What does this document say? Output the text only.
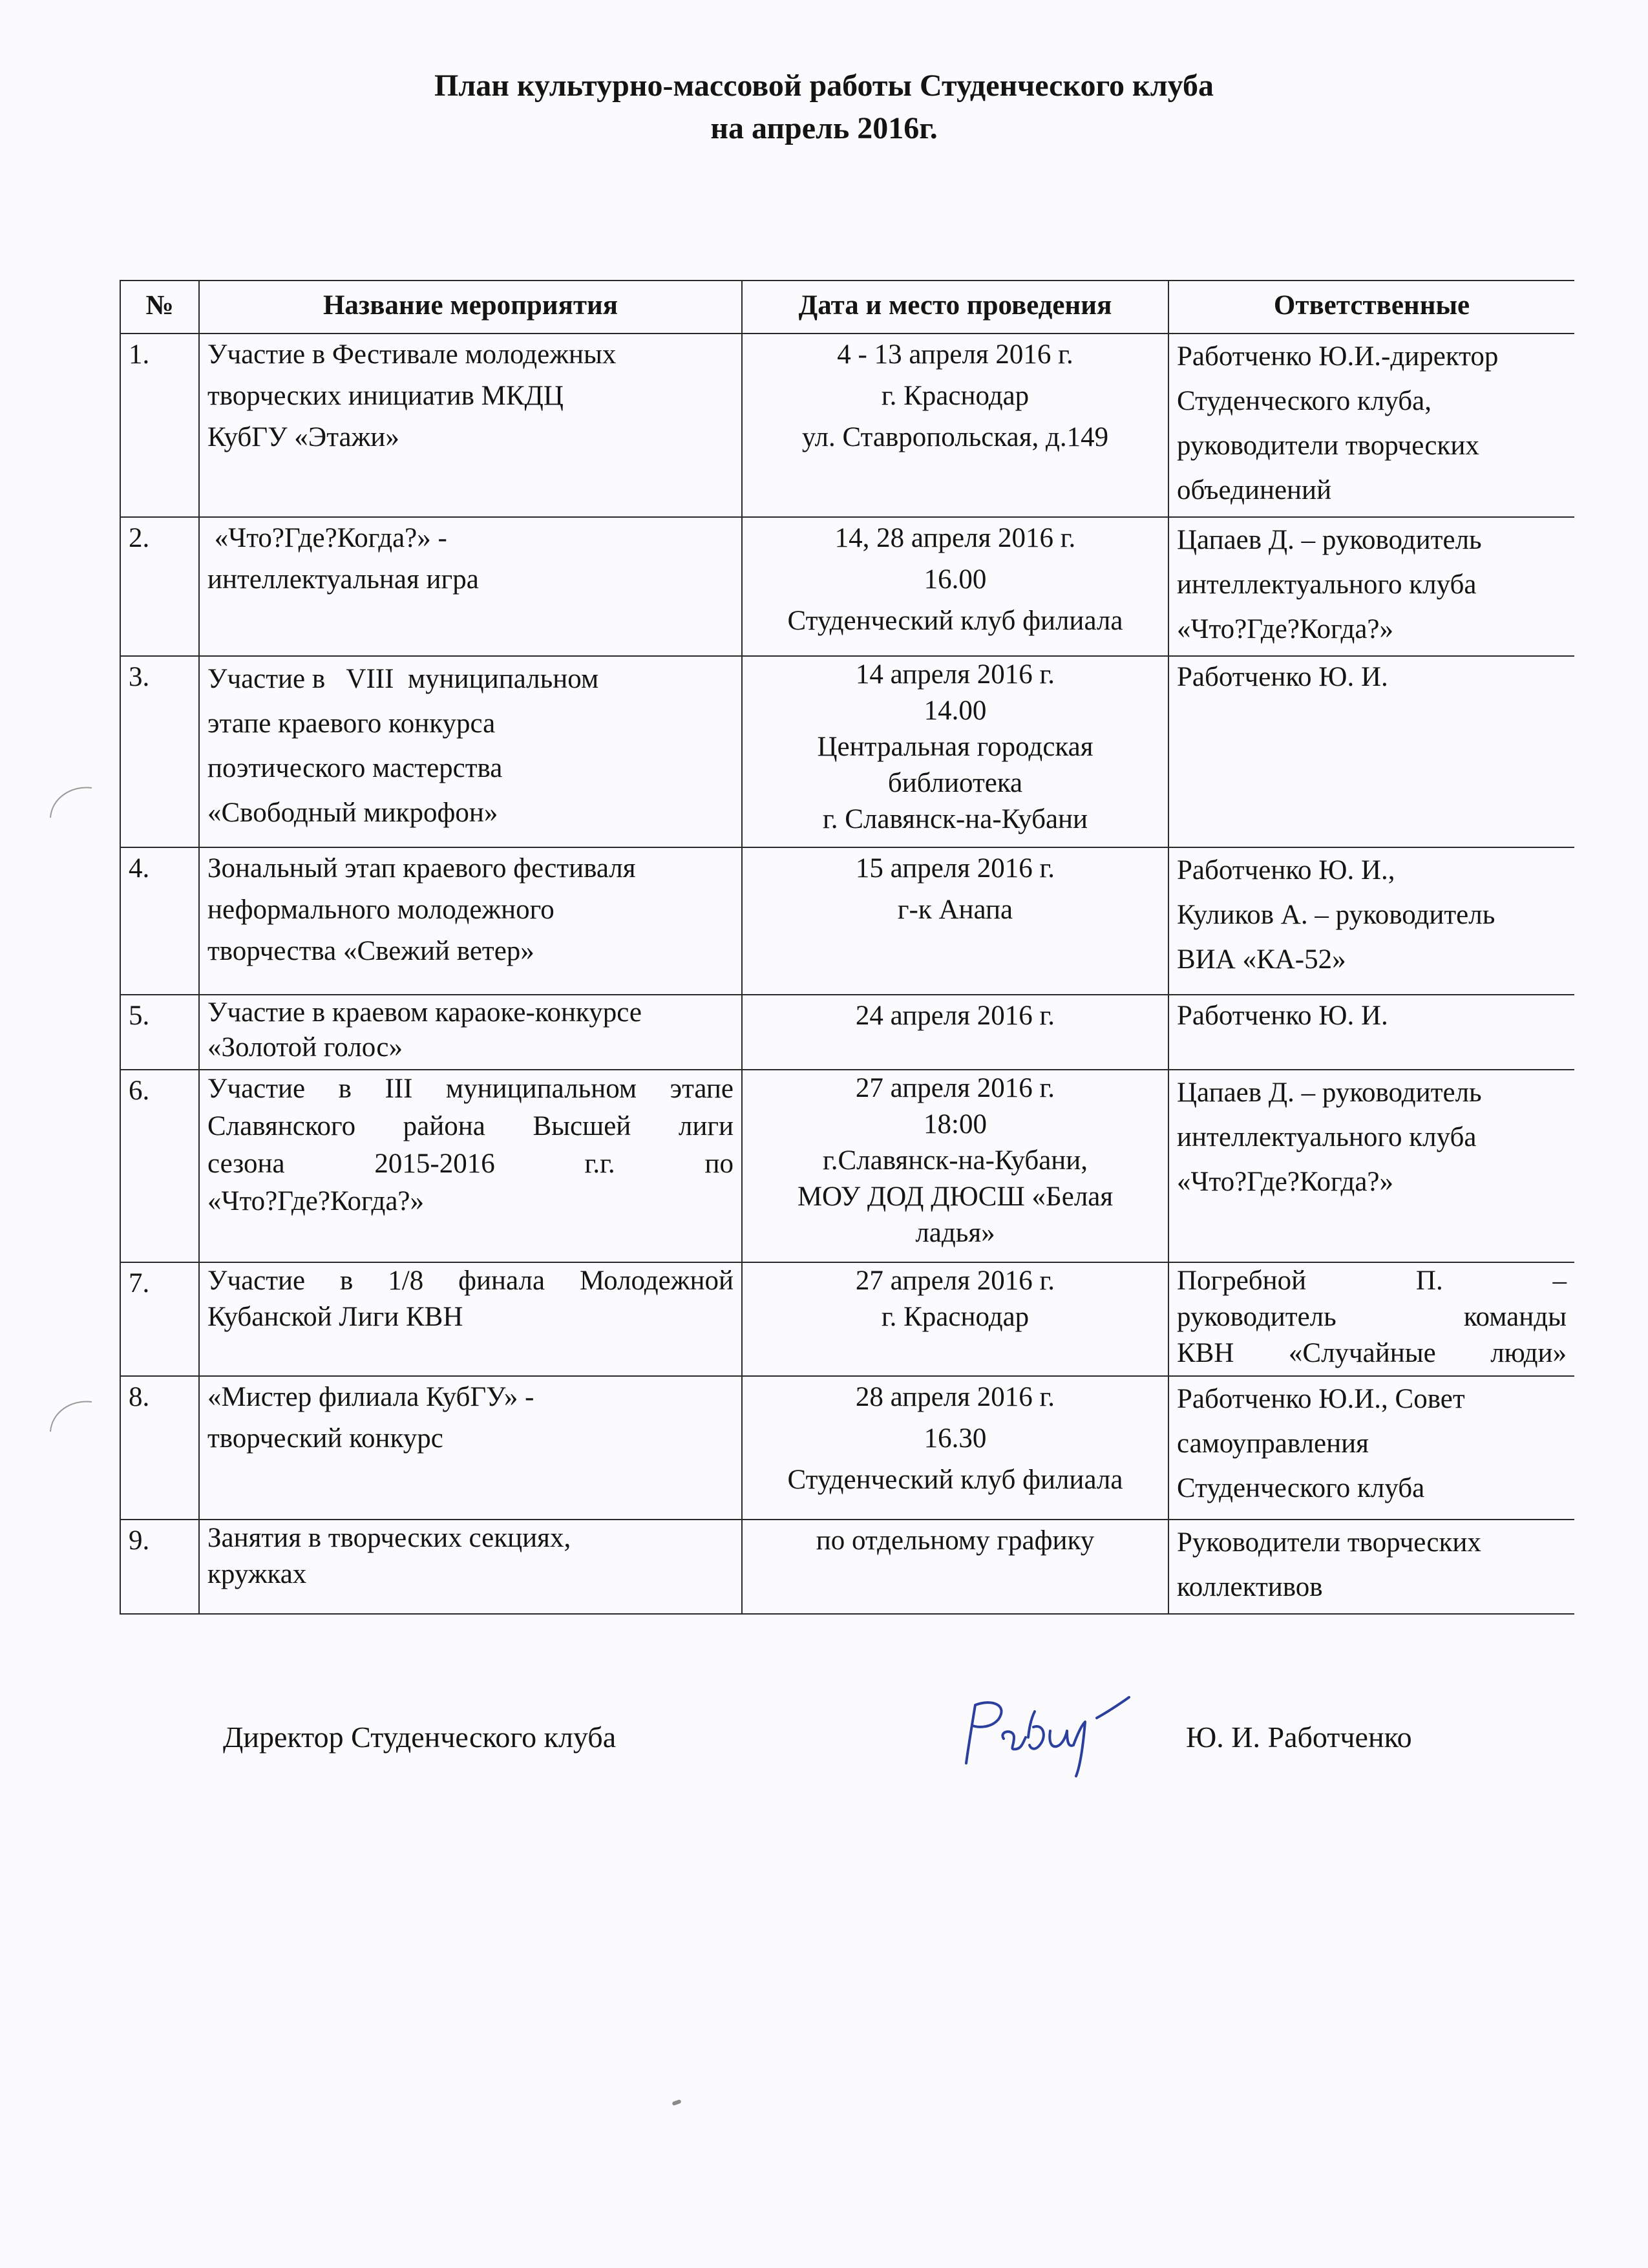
План культурно-массовой работы Студенческого клуба
на апрель 2016г.
№	Название мероприятия	Дата и место проведения	Ответственные
1.	Участие в Фестивале молодежных
творческих инициатив МКДЦ
КубГУ «Этажи»	4 - 13 апреля 2016 г.
г. Краснодар
ул. Ставропольская, д.149	Работченко Ю.И.-директор
Студенческого клуба,
руководители творческих
объединений

2.	«Что?Где?Когда?» -
интеллектуальная игра	14, 28 апреля 2016 г.
16.00
Студенческий клуб филиала	Цапаев Д. – руководитель
интеллектуального клуба
«Что?Где?Когда?»

3.	Участие в   VIII  муниципальном
этапе краевого конкурса
поэтического мастерства
«Свободный микрофон»	14 апреля 2016 г.
14.00
Центральная городская
библиотека
г. Славянск-на-Кубани	Работченко Ю. И.

4.	Зональный этап краевого фестиваля
неформального молодежного
творчества «Свежий ветер»	15 апреля 2016 г.
г-к Анапа	Работченко Ю. И.,
Куликов А. – руководитель
ВИА «КА-52»

5.	Участие в краевом караоке-конкурсе
«Золотой голос»	24 апреля 2016 г.	Работченко Ю. И.

6.	Участие в III муниципальном этапе
Славянского района Высшей лиги
сезона 2015-2016 г.г. по
«Что?Где?Когда?»	27 апреля 2016 г.
18:00
г.Славянск-на-Кубани,
МОУ ДОД ДЮСШ «Белая
ладья»	Цапаев Д. – руководитель
интеллектуального клуба
«Что?Где?Когда?»

7.	Участие в 1/8 финала Молодежной
Кубанской Лиги КВН	27 апреля 2016 г.
г. Краснодар	Погребной П. –
руководитель команды
КВН «Случайные люди»

8.	«Мистер филиала КубГУ» -
творческий конкурс	28 апреля 2016 г.
16.30
Студенческий клуб филиала	Работченко Ю.И., Совет
самоуправления
Студенческого клуба

9.	Занятия в творческих секциях,
кружках	по отдельному графику	Руководители творческих
коллективов
Директор Студенческого клуба	Ю. И. Работченко
